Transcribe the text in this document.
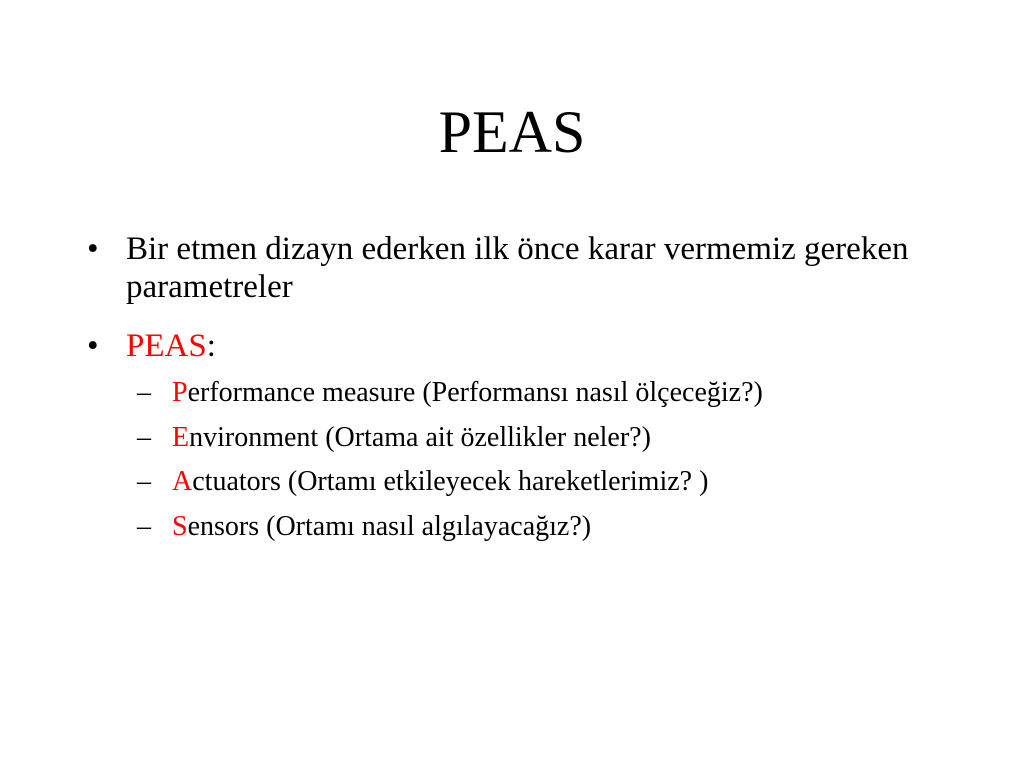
PEAS
• Bir etmen dizayn ederken ilk önce karar vermemiz gereken parametreler
• PEAS:
– Performance measure (Performansı nasıl ölçeceğiz?)
– Environment (Ortama ait özellikler neler?)
– Actuators (Ortamı etkileyecek hareketlerimiz? )
– Sensors (Ortamı nasıl algılayacağız?)
